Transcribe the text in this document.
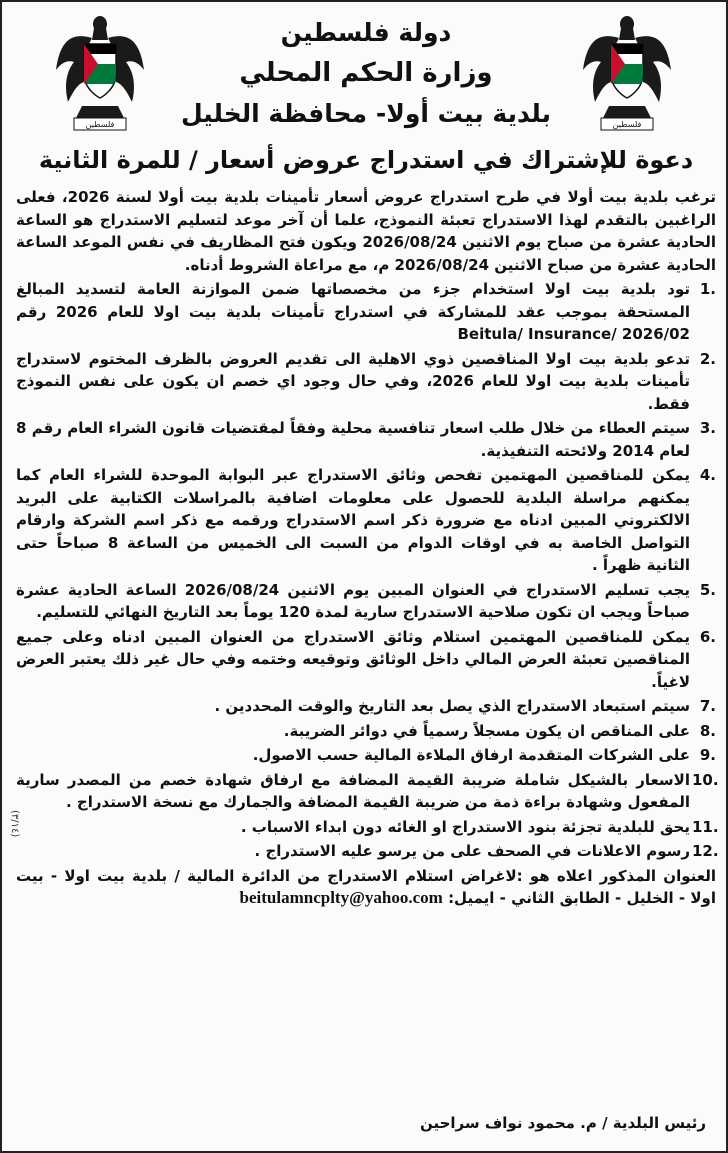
فلسطين	فلسطين
دولة فلسطين
وزارة الحكم المحلي
بلدية بيت أولا- محافظة الخليل
دعوة للإشتراك في استدراج عروض أسعار / للمرة الثانية

ترغب بلدية بيت أولا في طرح استدراج عروض أسعار تأمينات بلدية بيت أولا لسنة 2026، فعلى الراغبين بالتقدم لهذا الاستدراج تعبئة النموذج، علما أن آخر موعد لتسليم الاستدراج هو الساعة الحادية عشرة من صباح يوم الاثنين 2026/08/24 ويكون فتح المظاريف في نفس الموعد الساعة الحادية عشرة من صباح الاثنين 2026/08/24 م، مع مراعاة الشروط أدناه.

1.
تود بلدية بيت اولا استخدام جزء من مخصصاتها ضمن الموازنة العامة لتسديد المبالغ المستحقة بموجب عقد للمشاركة في استدراج تأمينات بلدية بيت اولا للعام 2026 رقم Beitula/ Insurance/ 2026/02
2.
تدعو بلدية بيت اولا المناقصين ذوي الاهلية الى تقديم العروض بالظرف المختوم لاستدراج تأمينات بلدية بيت اولا للعام 2026، وفي حال وجود اي خصم ان يكون على نفس النموذج فقط.
3.
سيتم العطاء من خلال طلب اسعار تنافسية محلية وفقاً لمقتضيات قانون الشراء العام رقم 8 لعام 2014 ولائحته التنفيذية.
4.
يمكن للمناقصين المهتمين تفحص وثائق الاستدراج عبر البوابة الموحدة للشراء العام كما يمكنهم مراسلة البلدية للحصول على معلومات اضافية بالمراسلات الكتابية على البريد الالكتروني المبين ادناه مع ضرورة ذكر اسم الاستدراج ورقمه مع ذكر اسم الشركة وارقام التواصل الخاصة به في اوقات الدوام من السبت الى الخميس من الساعة 8 صباحاً حتى الثانية ظهراً .
5.
يجب تسليم الاستدراج في العنوان المبين يوم الاثنين 2026/08/24 الساعة الحادية عشرة صباحاً ويجب ان تكون صلاحية الاستدراج سارية لمدة 120 يوماً بعد التاريخ النهائي للتسليم.
6.
يمكن للمناقصين المهتمين استلام وثائق الاستدراج من العنوان المبين ادناه وعلى جميع المناقصين تعبئة العرض المالي داخل الوثائق وتوقيعه وختمه وفي حال غير ذلك يعتبر العرض لاغياً.
7.
سيتم استبعاد الاستدراج الذي يصل بعد التاريخ والوقت المحددين .
8.
على المناقص ان يكون مسجلاً رسمياً في دوائر الضريبة.
9.
على الشركات المتقدمة ارفاق الملاءة المالية حسب الاصول.
10.
الاسعار بالشيكل شاملة ضريبة القيمة المضافة مع ارفاق شهادة خصم من المصدر سارية المفعول وشهادة براءة ذمة من ضريبة القيمة المضافة والجمارك مع نسخة الاستدراج .
11.
يحق للبلدية تجزئة بنود الاستدراج او الغائه دون ابداء الاسباب .
12.
رسوم الاعلانات في الصحف على من يرسو عليه الاستدراج .

العنوان المذكور اعلاه هو :لاغراض استلام الاستدراج من الدائرة المالية / بلدية بيت اولا - بيت اولا - الخليل - الطابق الثاني - ايميل: beitulamncplty@yahoo.com

(٣/١٤)
رئيس البلدية / م. محمود نواف سراحين
